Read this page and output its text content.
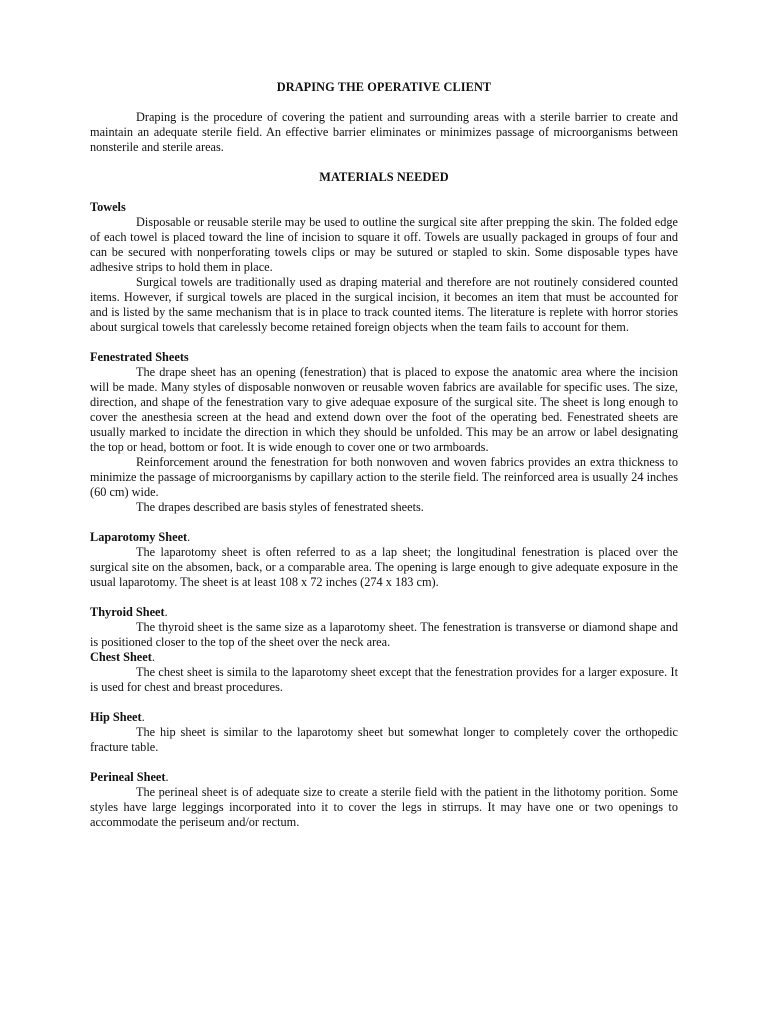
DRAPING THE OPERATIVE CLIENT

Draping is the procedure of covering the patient and surrounding areas with a sterile barrier to create and maintain an adequate sterile field. An effective barrier eliminates or minimizes passage of microorganisms between nonsterile and sterile areas.

MATERIALS NEEDED

Towels

Disposable or reusable sterile may be used to outline the surgical site after prepping the skin. The folded edge of each towel is placed toward the line of incision to square it off. Towels are usually packaged in groups of four and can be secured with nonperforating towels clips or may be sutured or stapled to skin. Some disposable types have adhesive strips to hold them in place.

Surgical towels are traditionally used as draping material and therefore are not routinely considered counted items. However, if surgical towels are placed in the surgical incision, it becomes an item that must be accounted for and is listed by the same mechanism that is in place to track counted items. The literature is replete with horror stories about surgical towels that carelessly become retained foreign objects when the team fails to account for them.

Fenestrated Sheets

The drape sheet has an opening (fenestration) that is placed to expose the anatomic area where the incision will be made. Many styles of disposable nonwoven or reusable woven fabrics are available for specific uses. The size, direction, and shape of the fenestration vary to give adequae exposure of the surgical site. The sheet is long enough to cover the anesthesia screen at the head and extend down over the foot of the operating bed. Fenestrated sheets are usually marked to incidate the direction in which they should be unfolded. This may be an arrow or label designating the top or head, bottom or foot. It is wide enough to cover one or two armboards.

Reinforcement around the fenestration for both nonwoven and woven fabrics provides an extra thickness to minimize the passage of microorganisms by capillary action to the sterile field. The reinforced area is usually 24 inches (60 cm) wide.

The drapes described are basis styles of fenestrated sheets.

Laparotomy Sheet.

The laparotomy sheet is often referred to as a lap sheet; the longitudinal fenestration is placed over the surgical site on the absomen, back, or a comparable area. The opening is large enough to give adequate exposure in the usual laparotomy. The sheet is at least 108 x 72 inches (274 x 183 cm).

Thyroid Sheet.

The thyroid sheet is the same size as a laparotomy sheet. The fenestration is transverse or diamond shape and is positioned closer to the top of the sheet over the neck area.

Chest Sheet.

The chest sheet is simila to the laparotomy sheet except that the fenestration provides for a larger exposure. It is used for chest and breast procedures.

Hip Sheet.

The hip sheet is similar to the laparotomy sheet but somewhat longer to completely cover the orthopedic fracture table.

Perineal Sheet.

The perineal sheet is of adequate size to create a sterile field with the patient in the lithotomy porition. Some styles have large leggings incorporated into it to cover the legs in stirrups. It may have one or two openings to accommodate the periseum and/or rectum.
